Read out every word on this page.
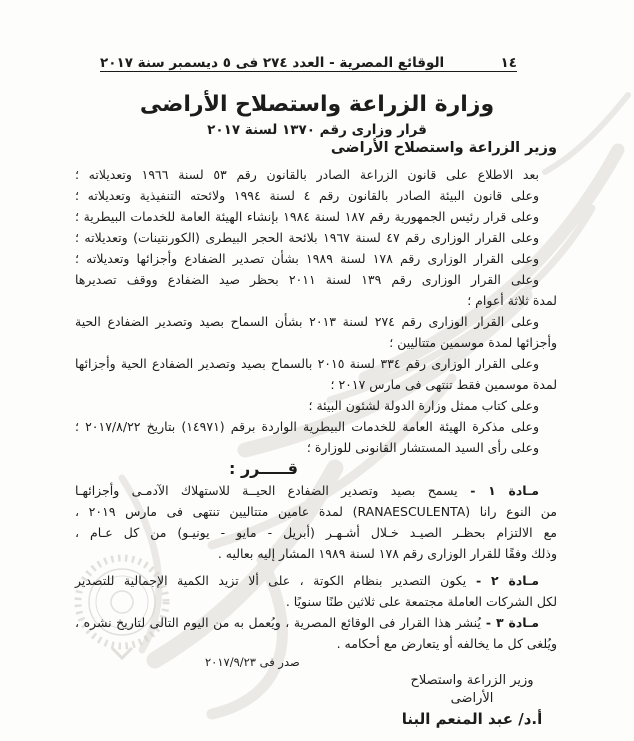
١٤
الوقائع المصرية - العدد ٢٧٤ فى ٥ ديسمبر سنة ٢٠١٧
وزارة الزراعة واستصلاح الأراضى
قرار وزارى رقم ١٣٧٠ لسنة ٢٠١٧
وزير الزراعة واستصلاح الأراضى
بعد الاطلاع على قانون الزراعة الصادر بالقانون رقم ٥٣ لسنة ١٩٦٦ وتعديلاته ؛
وعلى قانون البيئة الصادر بالقانون رقم ٤ لسنة ١٩٩٤ ولائحته التنفيذية وتعديلاته ؛
وعلى قرار رئيس الجمهورية رقم ١٨٧ لسنة ١٩٨٤ بإنشاء الهيئة العامة للخدمات البيطرية ؛
وعلى القرار الوزارى رقم ٤٧ لسنة ١٩٦٧ بلائحة الحجر البيطرى (الكورنتينات) وتعديلاته ؛
وعلى القرار الوزارى رقم ١٧٨ لسنة ١٩٨٩ بشأن تصدير الضفادع وأجزائها وتعديلاته ؛
وعلى القرار الوزارى رقم ١٣٩ لسنة ٢٠١١ بحظر صيد الضفادع ووقف تصديرها
لمدة ثلاثة أعوام ؛
وعلى القرار الوزارى رقم ٢٧٤ لسنة ٢٠١٣ بشأن السماح بصيد وتصدير الضفادع الحية
وأجزائها لمدة موسمين متتاليين ؛
وعلى القرار الوزارى رقم ٣٣٤ لسنة ٢٠١٥ بالسماح بصيد وتصدير الضفادع الحية وأجزائها
لمدة موسمين فقط تنتهى فى مارس ٢٠١٧ ؛
وعلى كتاب ممثل وزارة الدولة لشئون البيئة ؛
وعلى مذكرة الهيئة العامة للخدمات البيطرية الواردة برقم (١٤٩٧١) بتاريخ ٢٠١٧/٨/٢٢ ؛
وعلى رأى السيد المستشار القانونى للوزارة ؛
قـــــرر :
مـادة ١ - يسمح بصيد وتصدير الضفادع الحيــة للاستهلاك الآدمـى وأجزائهـا
من النوع رانا (RANAESCULENTA) لمدة عامين متتاليين تنتهى فى مارس ٢٠١٩ ،
مع الالتزام بحظـر الصيـد خـلال أشـهـر (أبريل - مايو - يونيـو) من كل عـام ،
وذلك وفقًا للقرار الوزارى رقم ١٧٨ لسنة ١٩٨٩ المشار إليه بعاليه .
مـادة ٢ - يكون التصدير بنظام الكوتة ، على ألا تزيد الكمية الإجمالية للتصدير
لكل الشركات العاملة مجتمعة على ثلاثين طنًا سنويًا .
مـادة ٣ - يُنشر هذا القرار فى الوقائع المصرية ، ويُعمل به من اليوم التالى لتاريخ نشره ،
ويُلغى كل ما يخالفه أو يتعارض مع أحكامه .
صدر فى ٢٠١٧/٩/٢٣
وزير الزراعة واستصلاح الأراضى
أ.د/ عبد المنعم البنا
